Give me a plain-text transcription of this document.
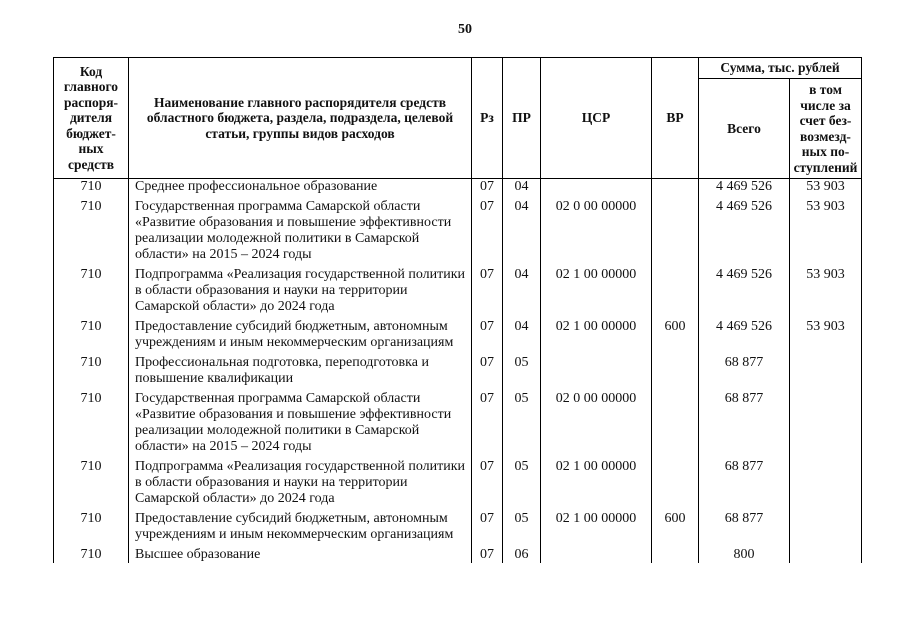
50
Код главного распоря-дителя бюджет-ных средств	Наименование главного распорядителя средств областного бюджета, раздела, подраздела, целевой статьи, группы видов расходов	Рз	ПР	ЦСР	ВР	Сумма, тыс. рублей	
						Всего	в том числе за счет без-возмезд-ных по-ступлений
710	Среднее профессиональное образование	07	04			4 469 526	53 903
710	Государственная программа Самарской области «Развитие образования и повышение эффективности реализации молодежной политики в Самарской области» на 2015 – 2024 годы	07	04	02 0 00 00000		4 469 526	53 903
710	Подпрограмма «Реализация государственной политики в области образования и науки на территории Самарской области» до 2024 года	07	04	02 1 00 00000		4 469 526	53 903
710	Предоставление субсидий бюджетным, автономным учреждениям и иным некоммерческим организациям	07	04	02 1 00 00000	600	4 469 526	53 903
710	Профессиональная подготовка, переподготовка и повышение квалификации	07	05			68 877	
710	Государственная программа Самарской области «Развитие образования и повышение эффективности реализации молодежной политики в Самарской области» на 2015 – 2024 годы	07	05	02 0 00 00000		68 877	
710	Подпрограмма «Реализация государственной политики в области образования и науки на территории Самарской области» до 2024 года	07	05	02 1 00 00000		68 877	
710	Предоставление субсидий бюджетным, автономным учреждениям и иным некоммерческим организациям	07	05	02 1 00 00000	600	68 877	
710	Высшее образование	07	06			800	
